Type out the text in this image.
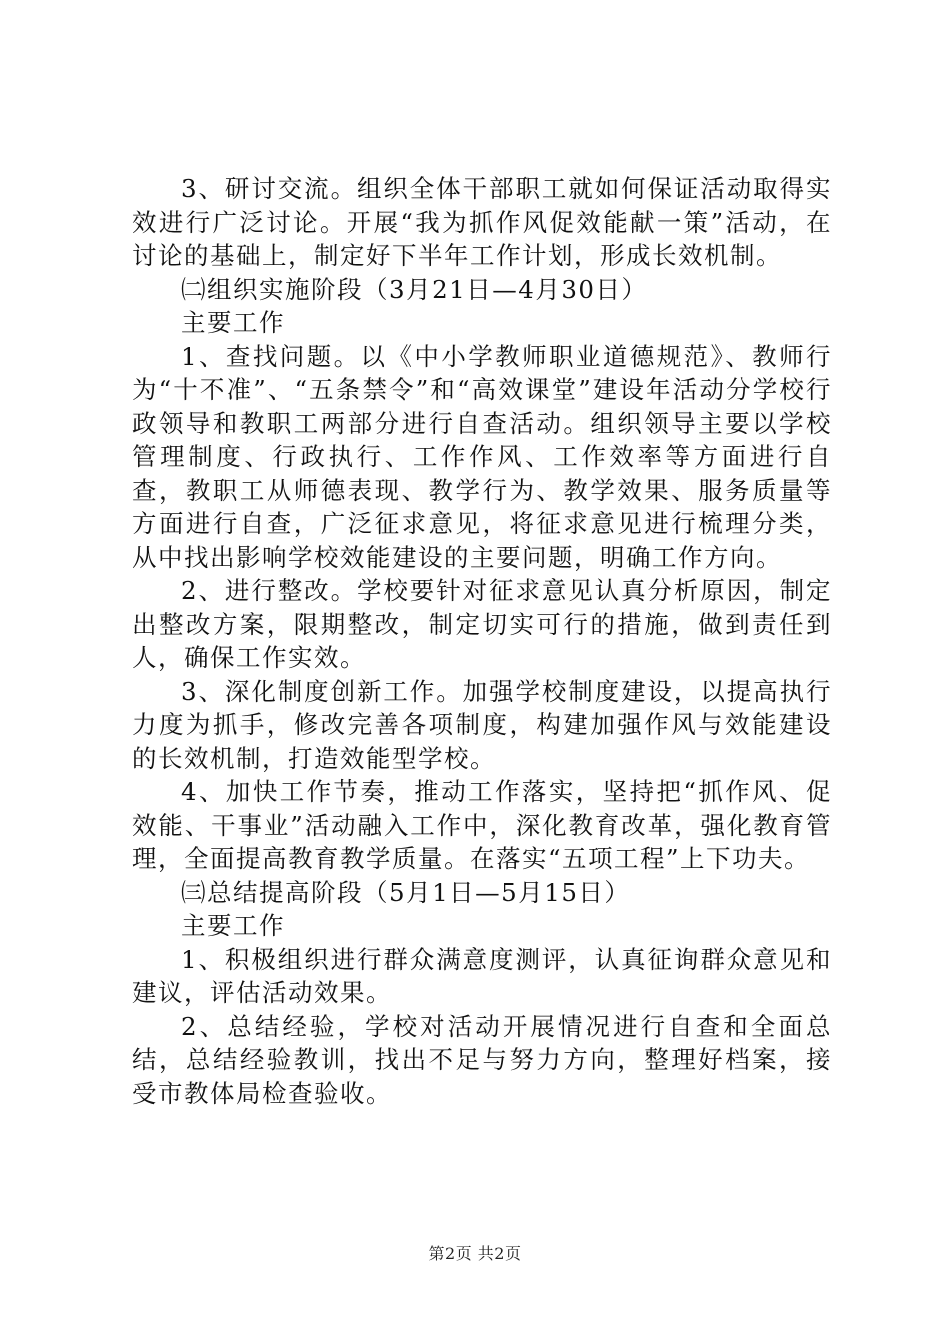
3、研讨交流。组织全体干部职工就如何保证活动取得实效进行广泛讨论。开展“我为抓作风促效能献一策”活动，在讨论的基础上，制定好下半年工作计划，形成长效机制。

㈡组织实施阶段（3月21日—4月30日）

主要工作

1、查找问题。以《中小学教师职业道德规范》、教师行为“十不准”、“五条禁令”和“高效课堂”建设年活动分学校行政领导和教职工两部分进行自查活动。组织领导主要以学校管理制度、行政执行、工作作风、工作效率等方面进行自查，教职工从师德表现、教学行为、教学效果、服务质量等方面进行自查，广泛征求意见，将征求意见进行梳理分类，从中找出影响学校效能建设的主要问题，明确工作方向。

2、进行整改。学校要针对征求意见认真分析原因，制定出整改方案，限期整改，制定切实可行的措施，做到责任到人，确保工作实效。

3、深化制度创新工作。加强学校制度建设，以提高执行力度为抓手，修改完善各项制度，构建加强作风与效能建设的长效机制，打造效能型学校。

4、加快工作节奏，推动工作落实，坚持把“抓作风、促效能、干事业”活动融入工作中，深化教育改革，强化教育管理，全面提高教育教学质量。在落实“五项工程”上下功夫。

㈢总结提高阶段（5月1日—5月15日）

主要工作

1、积极组织进行群众满意度测评，认真征询群众意见和建议，评估活动效果。

2、总结经验，学校对活动开展情况进行自查和全面总结，总结经验教训，找出不足与努力方向，整理好档案，接受市教体局检查验收。

第2页 共2页
